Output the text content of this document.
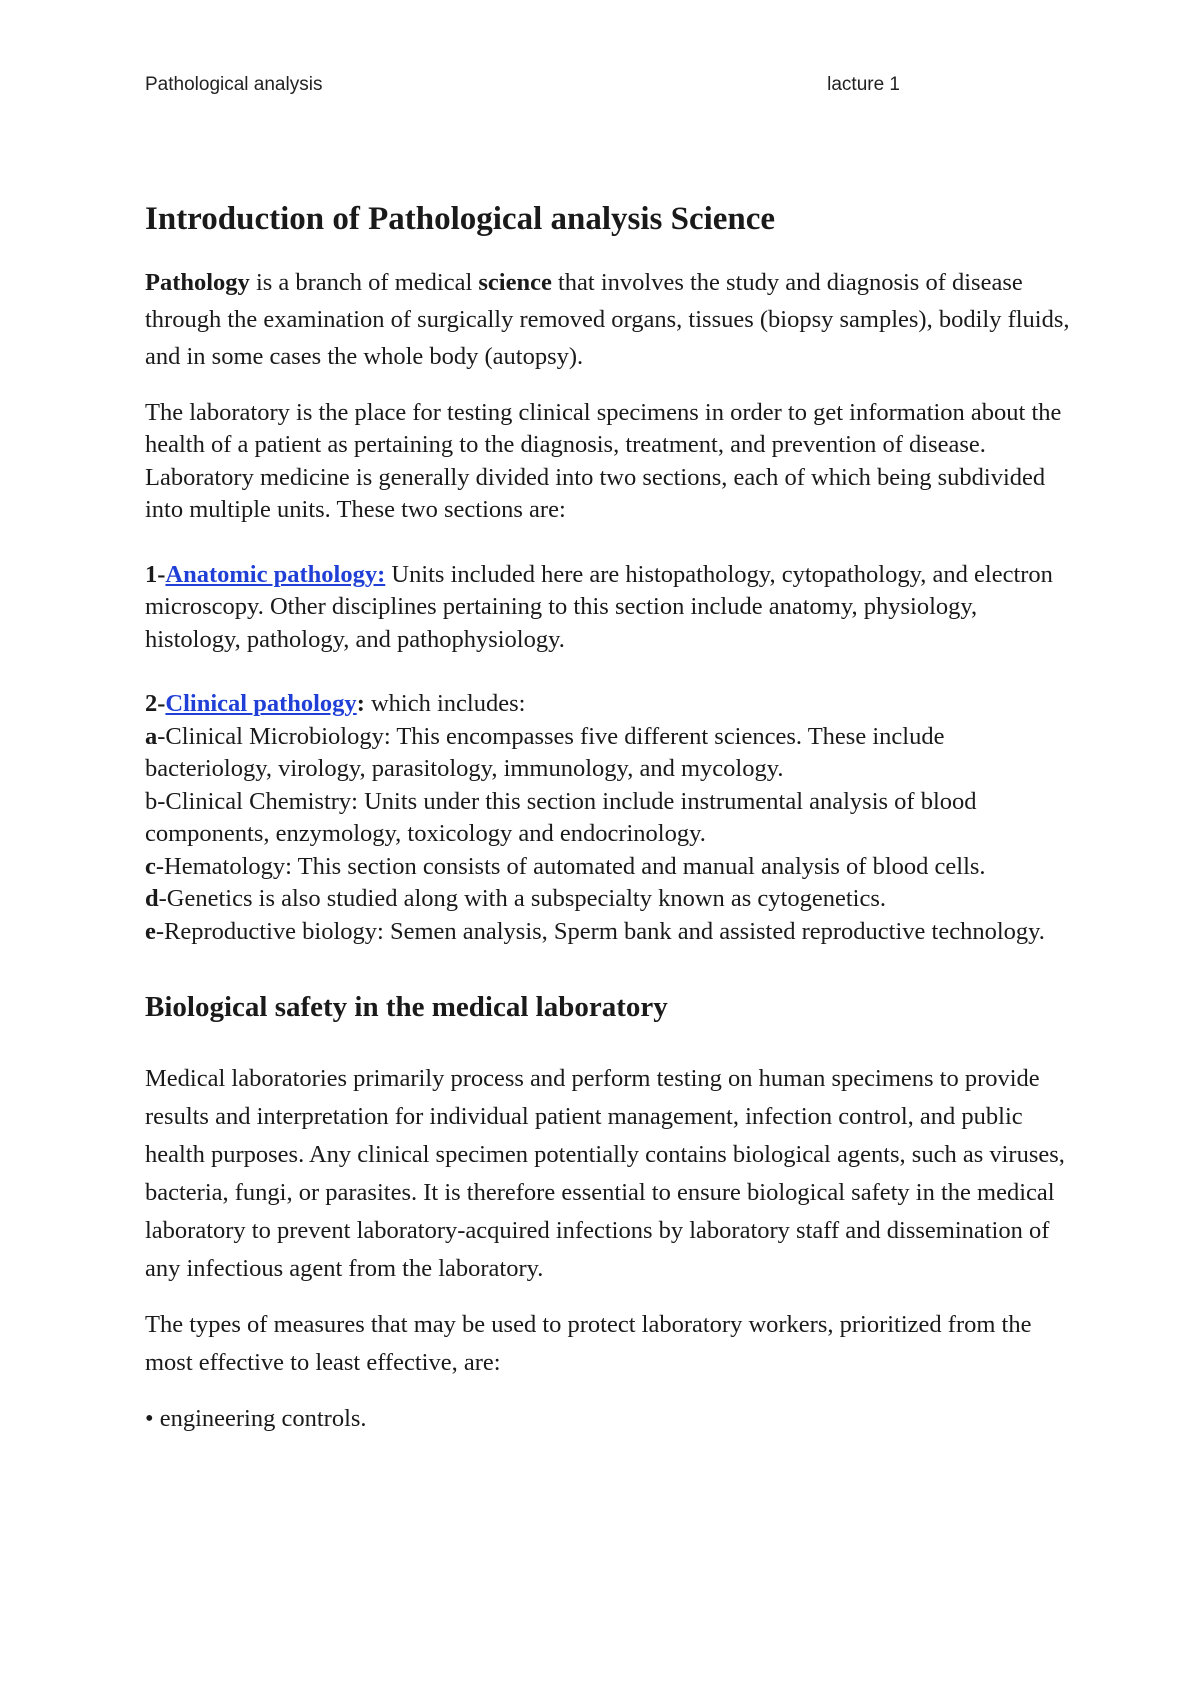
Pathological analysis	lacture 1
Introduction of Pathological analysis Science

Pathology is a branch of medical science that involves the study and diagnosis of disease through the examination of surgically removed organs, tissues (biopsy samples), bodily fluids, and in some cases the whole body (autopsy).

The laboratory is the place for testing clinical specimens in order to get information about the health of a patient as pertaining to the diagnosis, treatment, and prevention of disease.

Laboratory medicine is generally divided into two sections, each of which being subdivided into multiple units. These two sections are:

1-Anatomic pathology: Units included here are histopathology, cytopathology, and electron microscopy. Other disciplines pertaining to this section include anatomy, physiology, histology, pathology, and pathophysiology.

2-Clinical pathology: which includes:

a-Clinical Microbiology: This encompasses five different sciences. These include bacteriology, virology, parasitology, immunology, and mycology.

b-Clinical Chemistry: Units under this section include instrumental analysis of blood components, enzymology, toxicology and endocrinology.

c-Hematology: This section consists of automated and manual analysis of blood cells.

d-Genetics is also studied along with a subspecialty known as cytogenetics.

e-Reproductive biology: Semen analysis, Sperm bank and assisted reproductive technology.

Biological safety in the medical laboratory

Medical laboratories primarily process and perform testing on human specimens to provide results and interpretation for individual patient management, infection control, and public health purposes. Any clinical specimen potentially contains biological agents, such as viruses, bacteria, fungi, or parasites. It is therefore essential to ensure biological safety in the medical laboratory to prevent laboratory-acquired infections by laboratory staff and dissemination of any infectious agent from the laboratory.

The types of measures that may be used to protect laboratory workers, prioritized from the most effective to least effective, are:

• engineering controls.
